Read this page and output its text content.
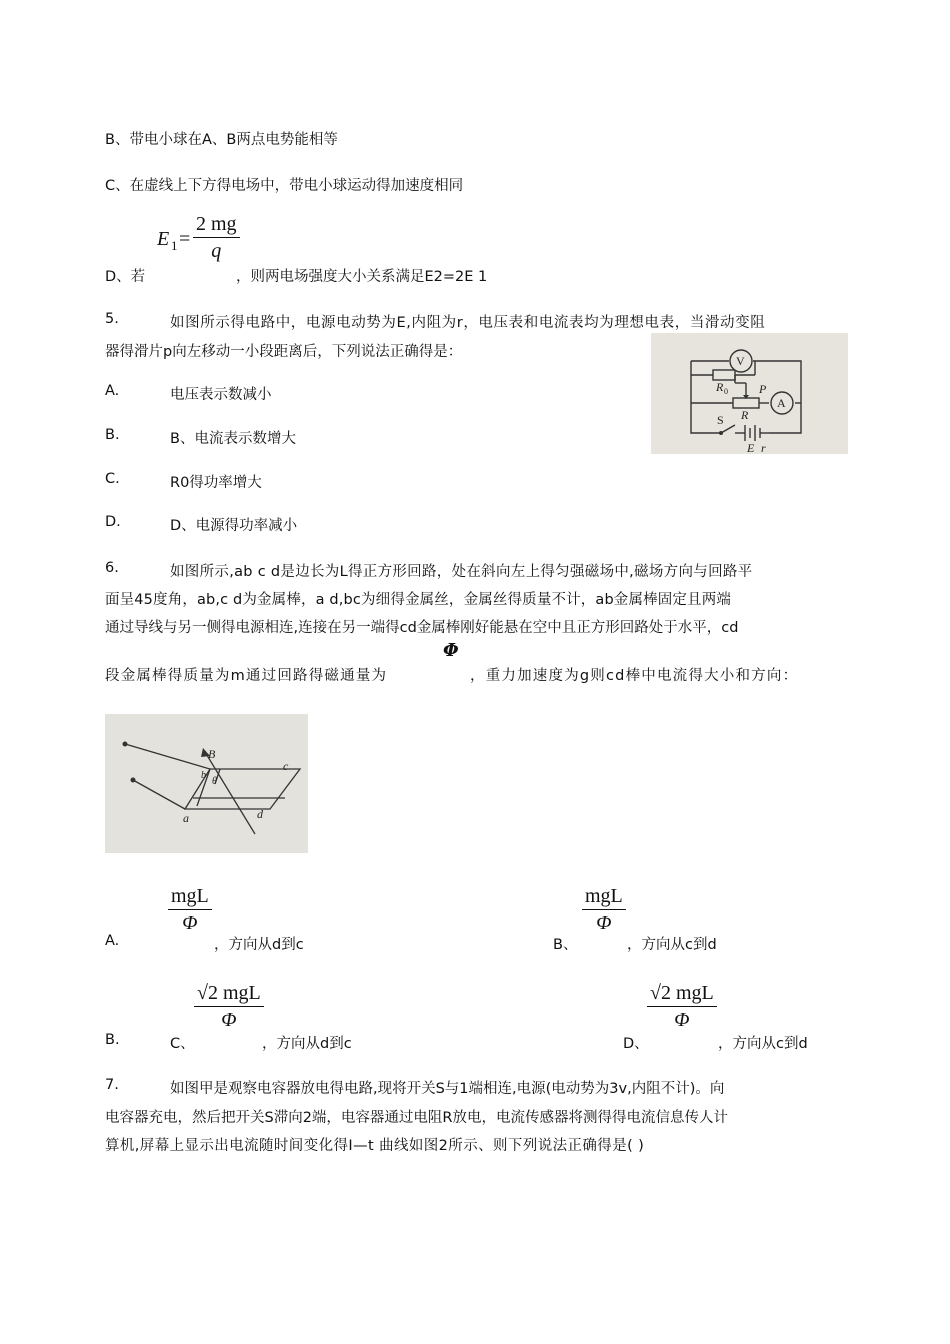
B、带电小球在A、B两点电势能相等
C、在虚线上下方得电场中，带电小球运动得加速度相同
E $1 = \frac{2 mg}{q}$
D、若	，则两电场强度大小关系满足E2=2E 1
5.	如图所示得电路中，电源电动势为E,内阻为r，电压表和电流表均为理想电表，当滑动变阻
器得滑片p向左移动一小段距离后，下列说法正确得是：
A.	电压表示数减小
B.	B、电流表示数增大
C.	R0得功率增大
D.	D、电源得功率减小
V
A
R 0	P
R
S
E r
6.	如图所示,ab c d是边长为L得正方形回路，处在斜向左上得匀强磁场中,磁场方向与回路平
面呈45度角，ab,c d为金属棒，a d,bc为细得金属丝，金属丝得质量不计，ab金属棒固定且两端
通过导线与另一侧得电源相连,连接在另一端得cd金属棒刚好能悬在空中且正方形回路处于水平，cd
Φ
段金属棒得质量为m通过回路得磁通量为	，重力加速度为g则cd棒中电流得大小和方向：
B
θ
b
a
c
d
mgL
Φ
A.	，方向从d到c
mgL
Φ
B、	，方向从c到d
√2 mgL
Φ
B.	C、	，方向从d到c
√2 mgL
Φ
D、	，方向从c到d
7.	如图甲是观察电容器放电得电路,现将开关S与1端相连,电源(电动势为3v,内阻不计)。向
电容器充电，然后把开关S滞向2端，电容器通过电阻R放电，电流传感器将测得得电流信息传人计
算机,屏幕上显示出电流随时间变化得I—t 曲线如图2所示、则下列说法正确得是( )
